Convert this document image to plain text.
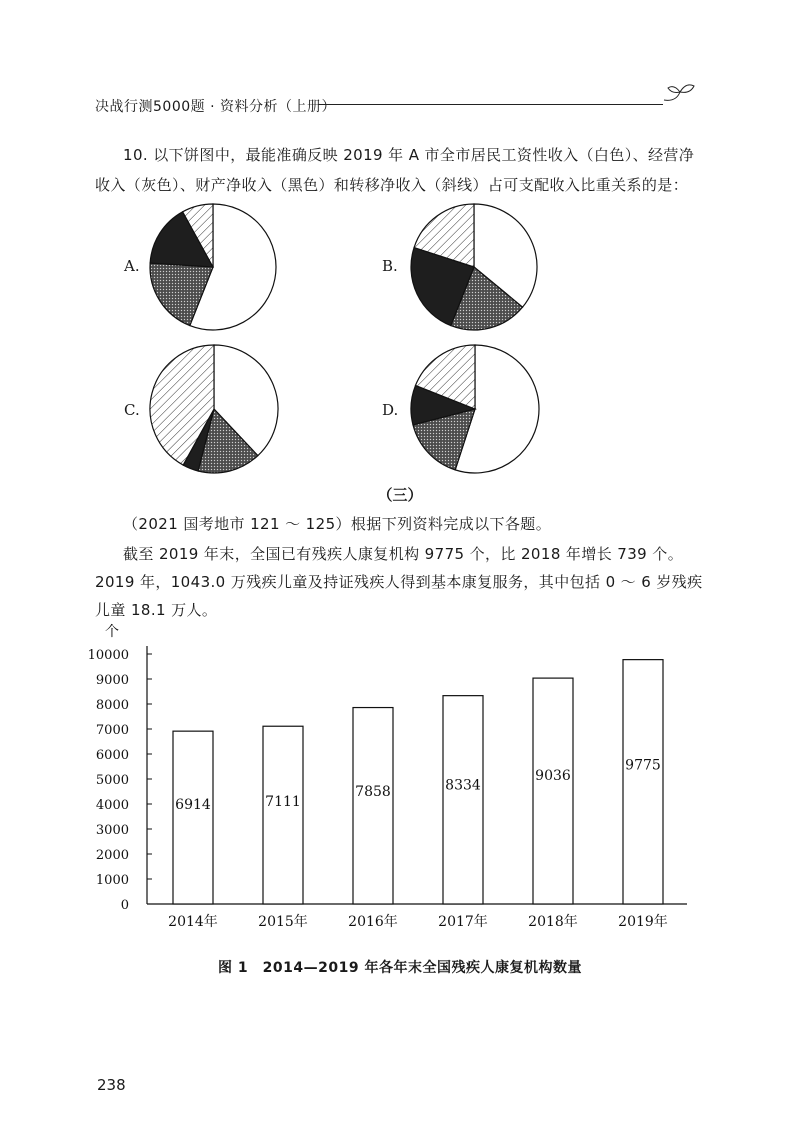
决战行测5000题 · 资料分析（上册）
10. 以下饼图中，最能准确反映 2019 年 A 市全市居民工资性收入（白色）、经营净收入（灰色）、财产净收入（黑色）和转移净收入（斜线）占可支配收入比重关系的是：
A.	B.
C.	D.
（三）
（2021 国考地市 121 ～ 125）根据下列资料完成以下各题。
截至 2019 年末，全国已有残疾人康复机构 9775 个，比 2018 年增长 739 个。2019 年，1043.0 万残疾儿童及持证残疾人得到基本康复服务，其中包括 0 ～ 6 岁残疾儿童 18.1 万人。
个
0
1000
2000
3000
4000
5000
6000
7000
8000
9000
10000
6914
2014年
7111
2015年
7858
2016年
8334
2017年
9036
2018年
9775
2019年
图 1　2014—2019 年各年末全国残疾人康复机构数量
238
